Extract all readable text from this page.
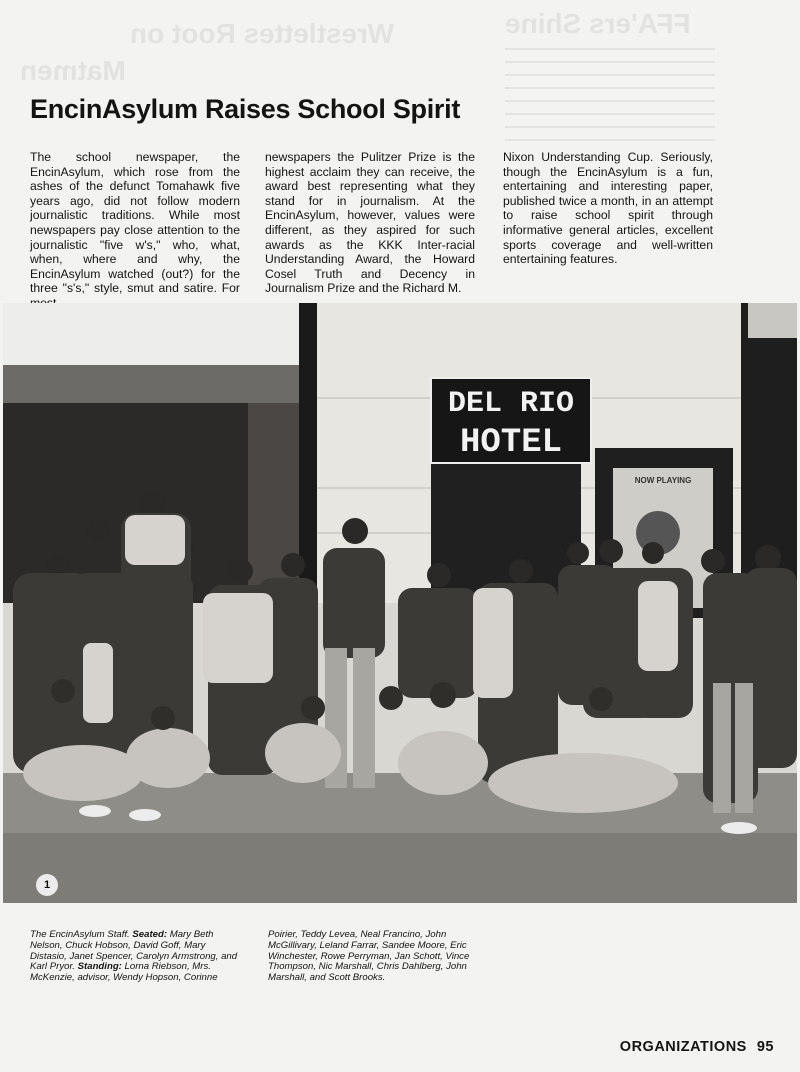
Wrestlettes Root on
Matmen
FFA'ers Shine
EncinAsylum Raises School Spirit

The school newspaper, the EncinAsylum, which rose from the ashes of the defunct Tomahawk five years ago, did not follow modern journalistic traditions. While most newspapers pay close attention to the journalistic "five w's," who, what, when, where and why, the EncinAsylum watched (out?) for the three "s's," style, smut and satire. For

newspapers the Pulitzer Prize is the highest acclaim they can receive, the award best representing what they stand for in journalism. At the EncinAsylum, however, values were different, as they aspired for such awards as the KKK Inter-racial Understanding Award, the Howard Cosel Truth and Decency in Journalism Prize and the Richard M.

Nixon Understanding Cup. Seriously, though the EncinAsylum is a fun, entertaining and interesting paper, published twice a month, in an attempt to raise school spirit through informative general articles, excellent sports coverage and well-written entertaining features.

DEL RIO
HOTEL
NOW PLAYING
1

The EncinAsylum Staff. Seated: Mary Beth Nelson, Chuck Hobson, David Goff, Mary Distasio, Janet Spencer, Carolyn Armstrong, and Karl Pryor. Standing: Lorna Riebson, Mrs. McKenzie, advisor, Wendy Hopson, Corinne

Poirier, Teddy Levea, Neal Francino, John McGillivary, Leland Farrar, Sandee Moore, Eric Winchester, Rowe Perryman, Jan Schott, Vince Thompson, Nic Marshall, Chris Dahlberg, John Marshall, and Scott Brooks.

ORGANIZATIONS 95
